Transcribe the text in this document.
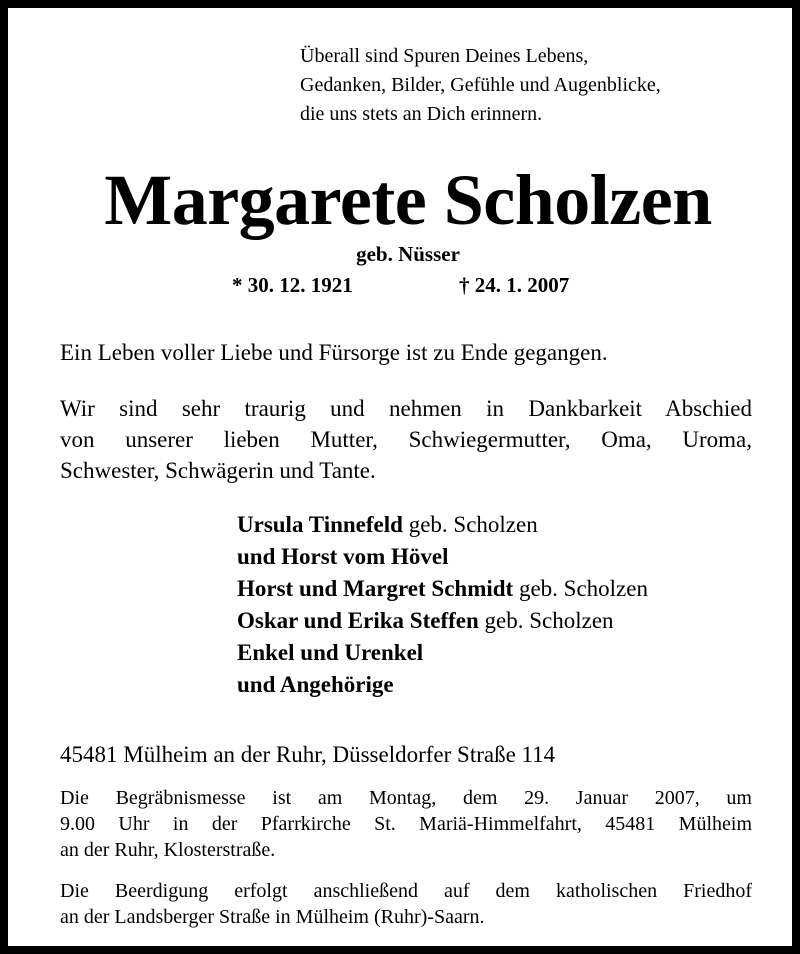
Überall sind Spuren Deines Lebens,
Gedanken, Bilder, Gefühle und Augenblicke,
die uns stets an Dich erinnern.
Margarete Scholzen
geb. Nüsser
* 30. 12. 1921	† 24. 1. 2007
Ein Leben voller Liebe und Fürsorge ist zu Ende gegangen.
Wir sind sehr traurig und nehmen in Dankbarkeit Abschied
von unserer lieben Mutter, Schwiegermutter, Oma, Uroma,
Schwester, Schwägerin und Tante.
Ursula Tinnefeld geb. Scholzen
und Horst vom Hövel
Horst und Margret Schmidt geb. Scholzen
Oskar und Erika Steffen geb. Scholzen
Enkel und Urenkel
und Angehörige
45481 Mülheim an der Ruhr, Düsseldorfer Straße 114
Die Begräbnismesse ist am Montag, dem 29. Januar 2007, um
9.00 Uhr in der Pfarrkirche St. Mariä-Himmelfahrt, 45481 Mülheim
an der Ruhr, Klosterstraße.
Die Beerdigung erfolgt anschließend auf dem katholischen Friedhof
an der Landsberger Straße in Mülheim (Ruhr)-Saarn.
